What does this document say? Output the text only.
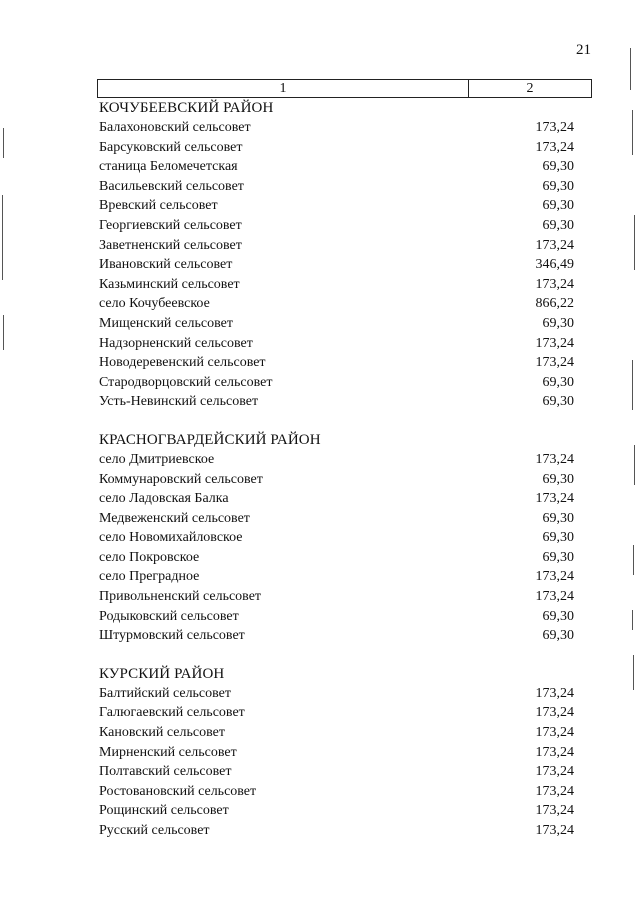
21
1	2
КОЧУБЕЕВСКИЙ РАЙОН
Балахоновский сельсовет	173,24
Барсуковский сельсовет	173,24
станица Беломечетская	69,30
Васильевский сельсовет	69,30
Вревский сельсовет	69,30
Георгиевский сельсовет	69,30
Заветненский сельсовет	173,24
Ивановский сельсовет	346,49
Казьминский сельсовет	173,24
село Кочубеевское	866,22
Мищенский сельсовет	69,30
Надзорненский сельсовет	173,24
Новодеревенский сельсовет	173,24
Стародворцовский сельсовет	69,30
Усть-Невинский сельсовет	69,30
КРАСНОГВАРДЕЙСКИЙ РАЙОН
село Дмитриевское	173,24
Коммунаровский сельсовет	69,30
село Ладовская Балка	173,24
Медвеженский сельсовет	69,30
село Новомихайловское	69,30
село Покровское	69,30
село Преградное	173,24
Привольненский сельсовет	173,24
Родыковский сельсовет	69,30
Штурмовский сельсовет	69,30
КУРСКИЙ РАЙОН
Балтийский сельсовет	173,24
Галюгаевский сельсовет	173,24
Кановский сельсовет	173,24
Мирненский сельсовет	173,24
Полтавский сельсовет	173,24
Ростовановский сельсовет	173,24
Рощинский сельсовет	173,24
Русский сельсовет	173,24
